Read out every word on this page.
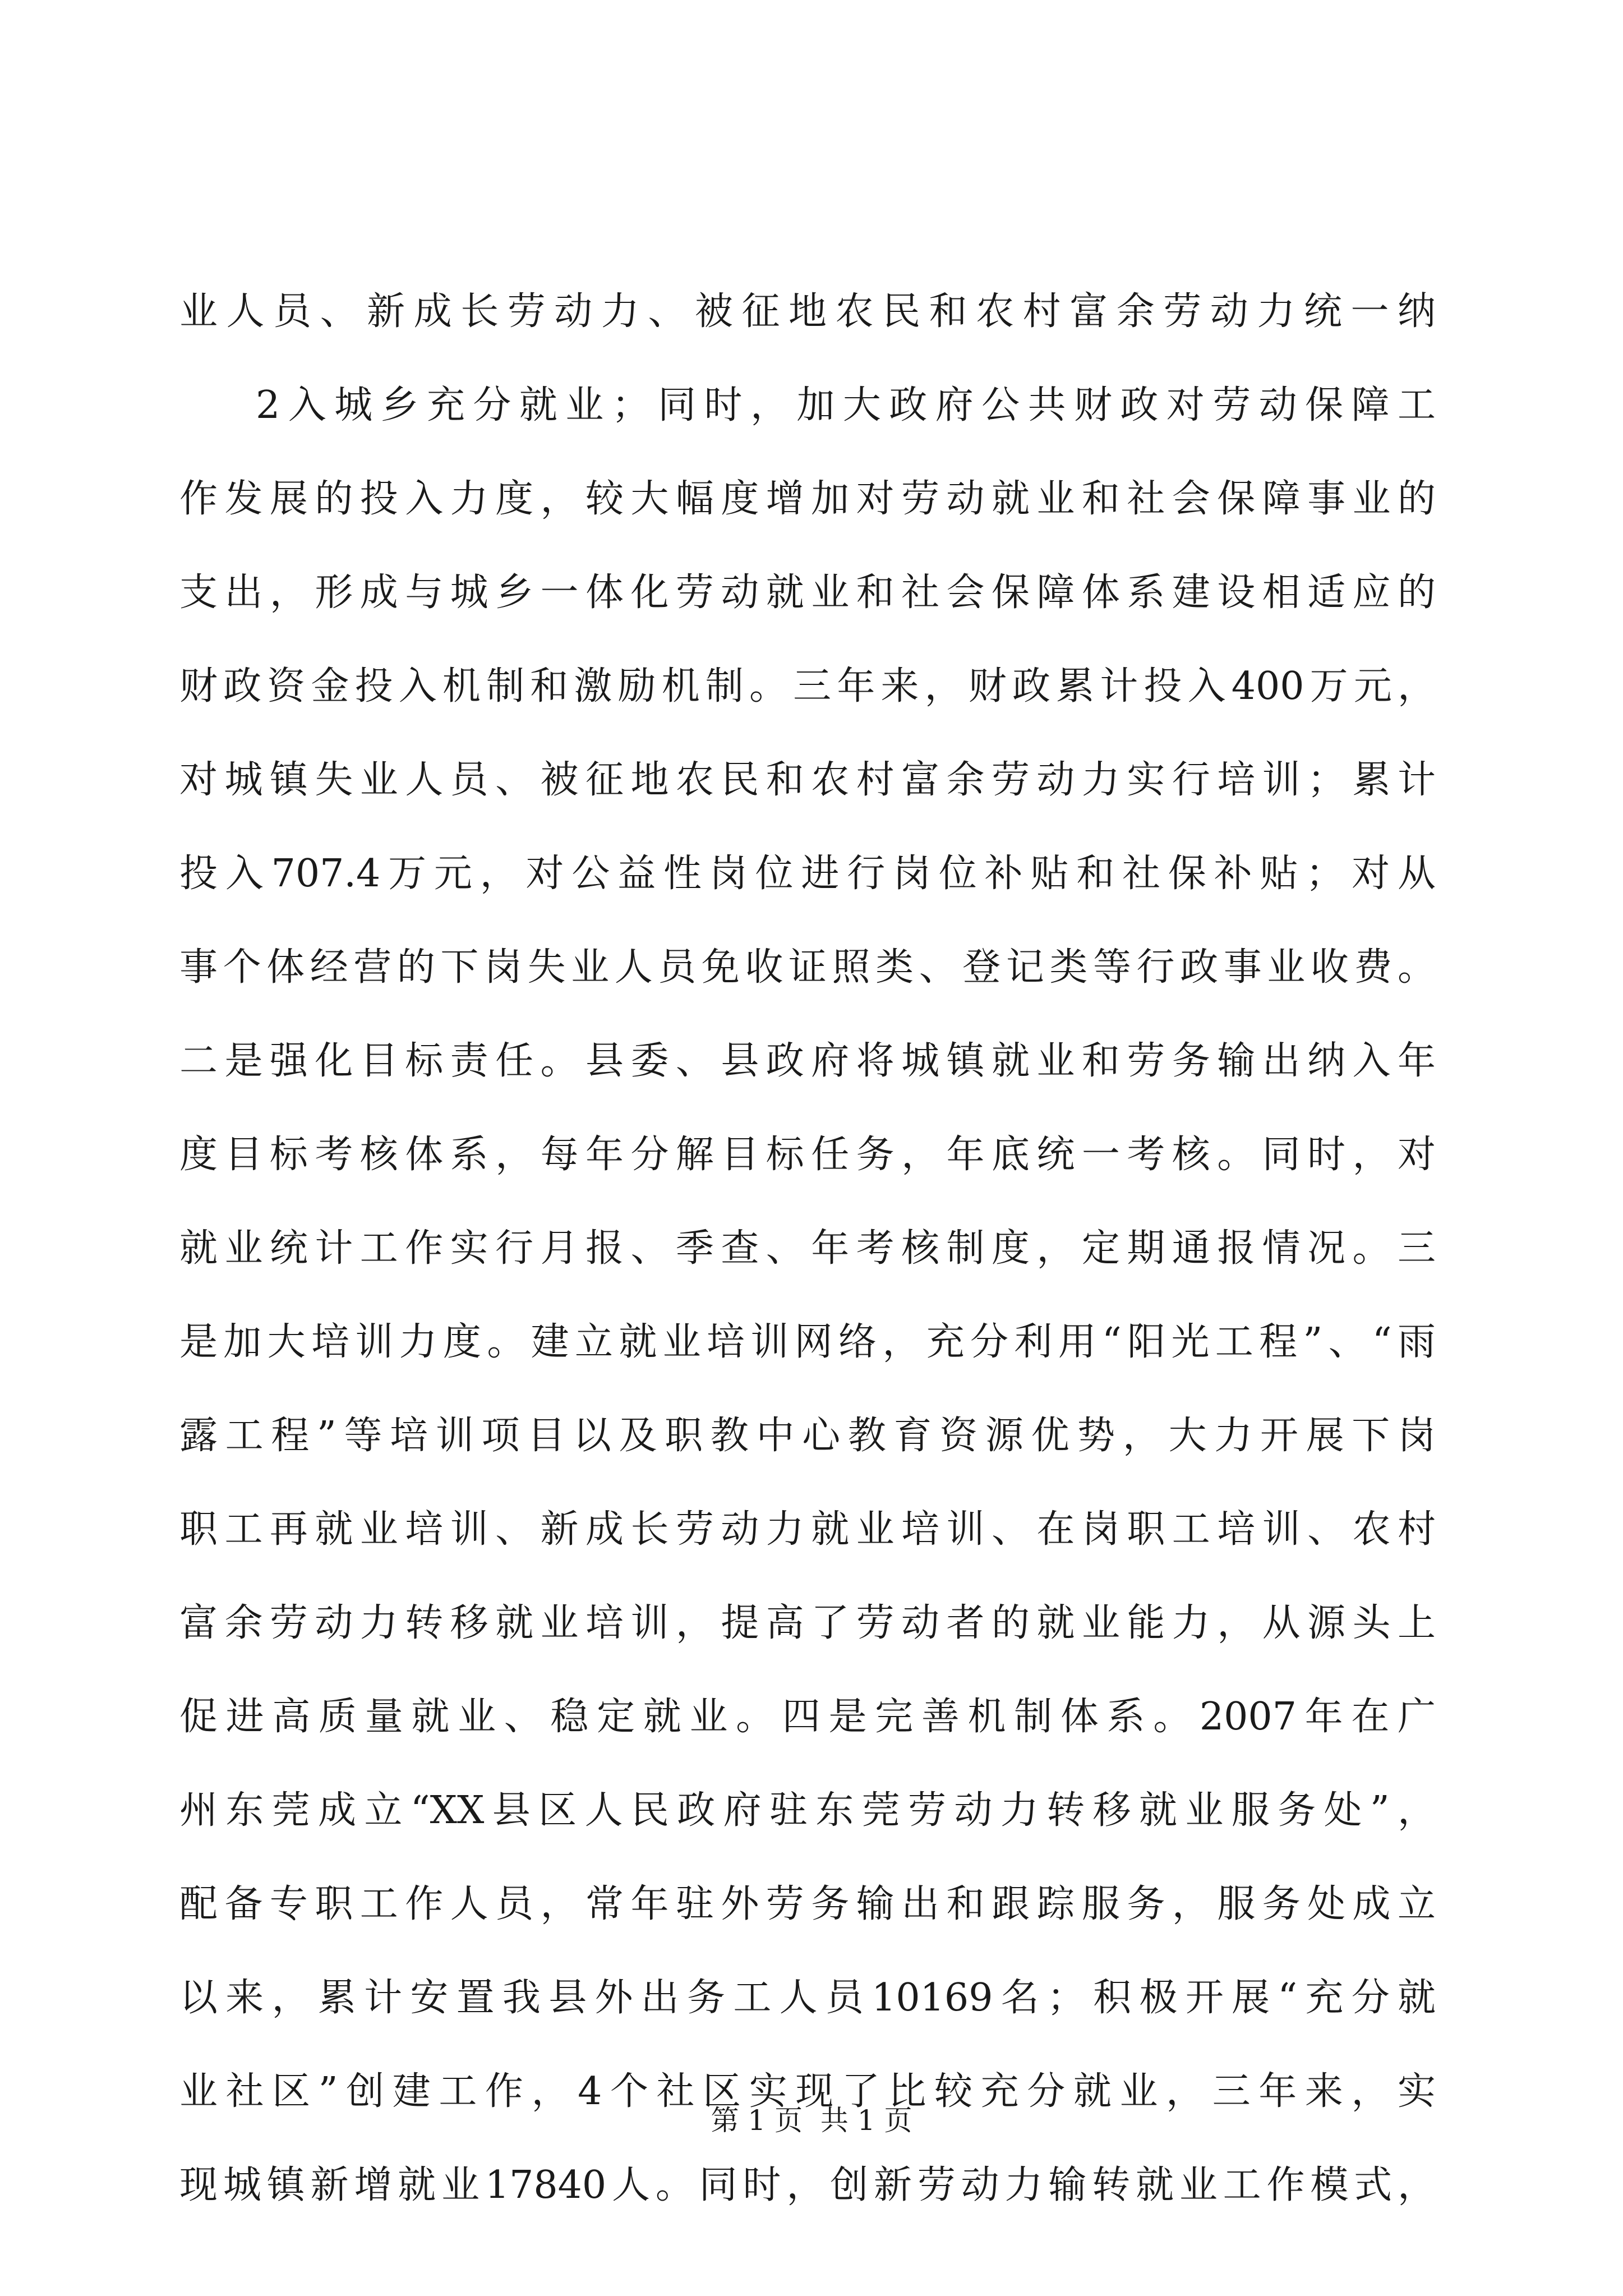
业人员、新成长劳动力、被征地农民和农村富余劳动力统一纳
2入城乡充分就业；同时，加大政府公共财政对劳动保障工
作发展的投入力度，较大幅度增加对劳动就业和社会保障事业的
支出，形成与城乡一体化劳动就业和社会保障体系建设相适应的
财政资金投入机制和激励机制。三年来，财政累计投入400万元，
对城镇失业人员、被征地农民和农村富余劳动力实行培训；累计
投入707.4万元，对公益性岗位进行岗位补贴和社保补贴；对从
事个体经营的下岗失业人员免收证照类、登记类等行政事业收费。
二是强化目标责任。县委、县政府将城镇就业和劳务输出纳入年
度目标考核体系，每年分解目标任务，年底统一考核。同时，对
就业统计工作实行月报、季查、年考核制度，定期通报情况。三
是加大培训力度。建立就业培训网络，充分利用“阳光工程”、“雨
露工程”等培训项目以及职教中心教育资源优势，大力开展下岗
职工再就业培训、新成长劳动力就业培训、在岗职工培训、农村
富余劳动力转移就业培训，提高了劳动者的就业能力，从源头上
促进高质量就业、稳定就业。四是完善机制体系。2007年在广
州东莞成立“XX县区人民政府驻东莞劳动力转移就业服务处”，
配备专职工作人员，常年驻外劳务输出和跟踪服务，服务处成立
以来，累计安置我县外出务工人员10169名；积极开展“充分就
业社区”创建工作，4个社区实现了比较充分就业，三年来，实
现城镇新增就业17840人。同时，创新劳动力输转就业工作模式，
第 1 页  共 1 页
